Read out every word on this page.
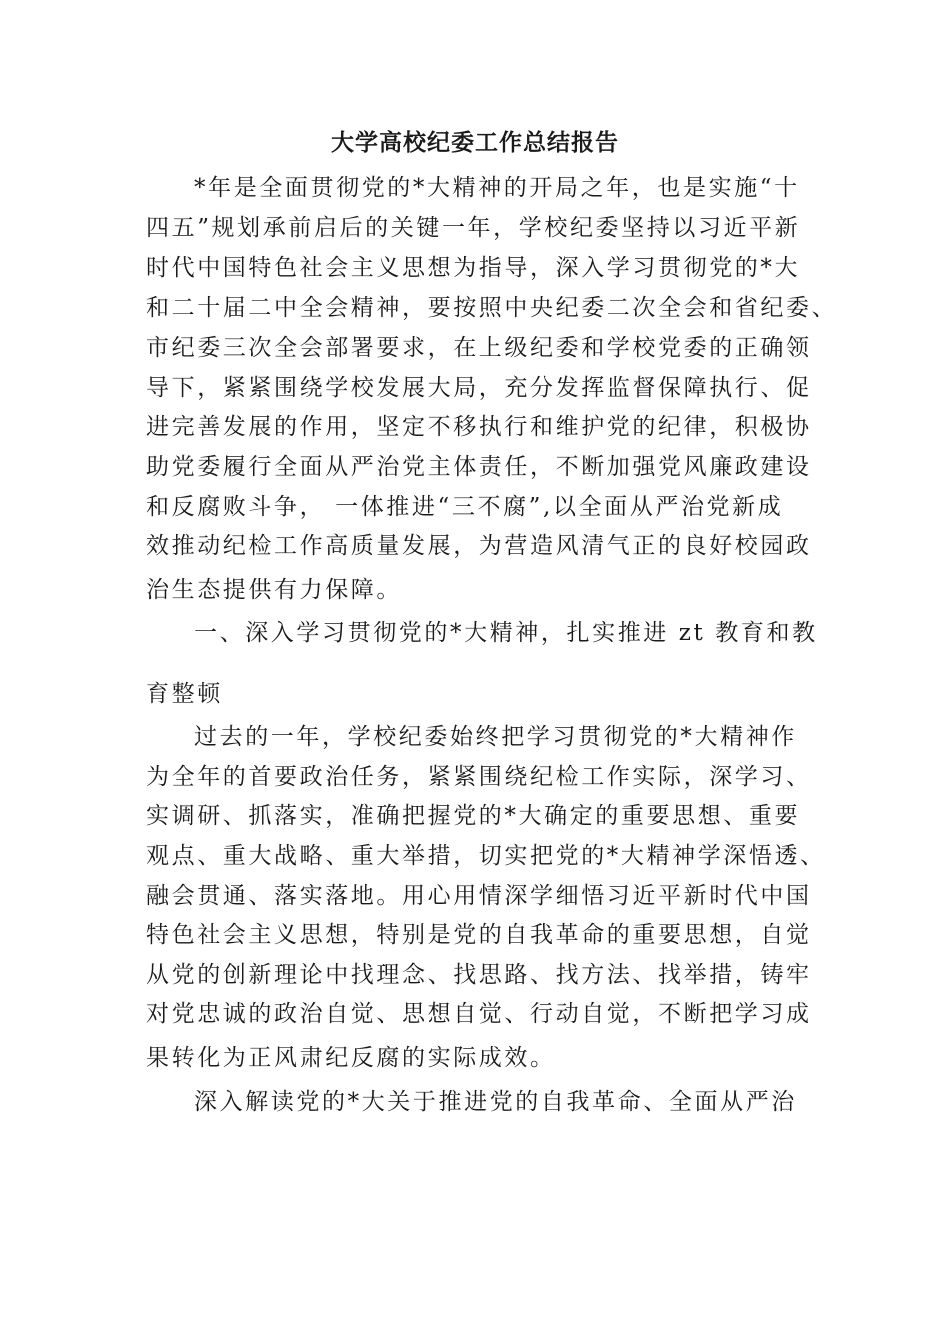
大学高校纪委工作总结报告
*年是全面贯彻党的*大精神的开局之年，也是实施“十
四五”规划承前启后的关键一年，学校纪委坚持以习近平新
时代中国特色社会主义思想为指导，深入学习贯彻党的*大
和二十届二中全会精神，要按照中央纪委二次全会和省纪委、
市纪委三次全会部署要求，在上级纪委和学校党委的正确领
导下，紧紧围绕学校发展大局，充分发挥监督保障执行、促
进完善发展的作用，坚定不移执行和维护党的纪律，积极协
助党委履行全面从严治党主体责任，不断加强党风廉政建设
和反腐败斗争， 一体推进“三不腐”,以全面从严治党新成
效推动纪检工作高质量发展，为营造风清气正的良好校园政
治生态提供有力保障。
一、深入学习贯彻党的*大精神，扎实推进 zt 教育和教
育整顿
过去的一年，学校纪委始终把学习贯彻党的*大精神作
为全年的首要政治任务，紧紧围绕纪检工作实际，深学习、
实调研、抓落实，准确把握党的*大确定的重要思想、重要
观点、重大战略、重大举措，切实把党的*大精神学深悟透、
融会贯通、落实落地。用心用情深学细悟习近平新时代中国
特色社会主义思想，特别是党的自我革命的重要思想，自觉
从党的创新理论中找理念、找思路、找方法、找举措，铸牢
对党忠诚的政治自觉、思想自觉、行动自觉，不断把学习成
果转化为正风肃纪反腐的实际成效。
深入解读党的*大关于推进党的自我革命、全面从严治
